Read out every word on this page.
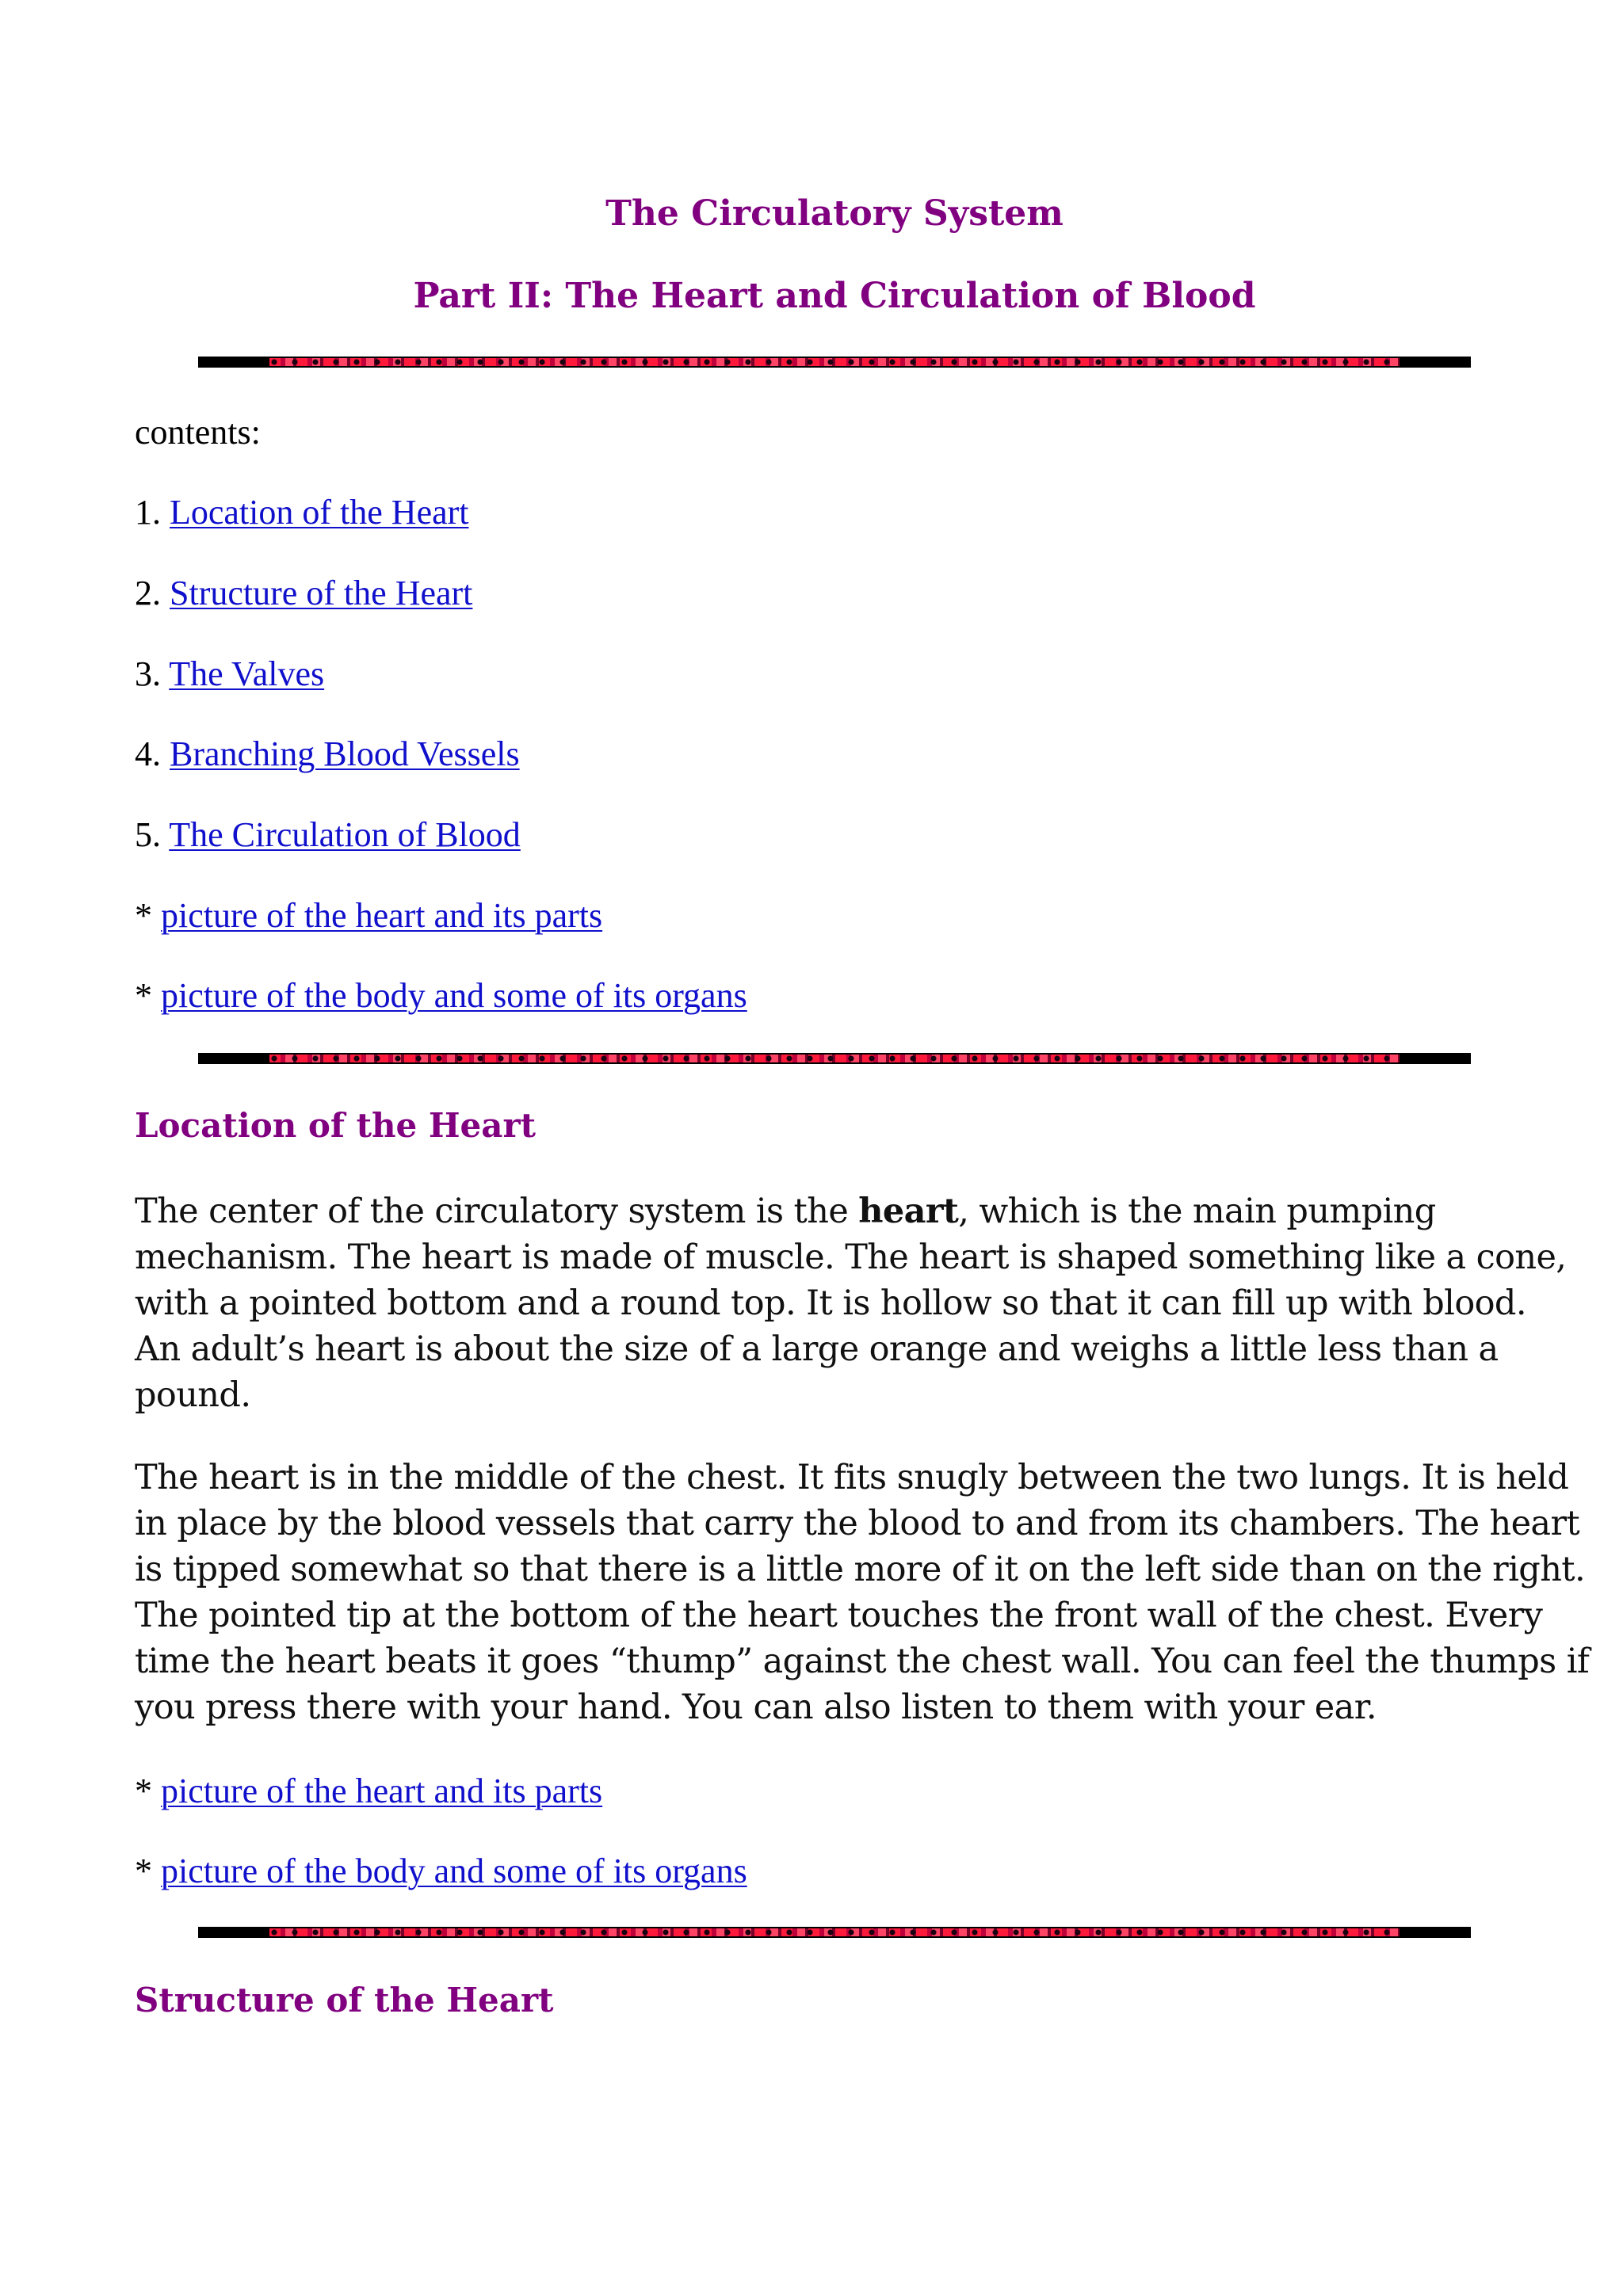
The Circulatory System
Part II: The Heart and Circulation of Blood

contents:

1. Location of the Heart

2. Structure of the Heart

3. The Valves

4. Branching Blood Vessels

5. The Circulation of Blood

* picture of the heart and its parts

* picture of the body and some of its organs

Location of the Heart

The center of the circulatory system is the heart, which is the main pumping
mechanism. The heart is made of muscle. The heart is shaped something like a cone,
with a pointed bottom and a round top. It is hollow so that it can fill up with blood.
An adult’s heart is about the size of a large orange and weighs a little less than a
pound.

The heart is in the middle of the chest. It fits snugly between the two lungs. It is held
in place by the blood vessels that carry the blood to and from its chambers. The heart
is tipped somewhat so that there is a little more of it on the left side than on the right.
The pointed tip at the bottom of the heart touches the front wall of the chest. Every
time the heart beats it goes “thump” against the chest wall. You can feel the thumps if
you press there with your hand. You can also listen to them with your ear.

* picture of the heart and its parts

* picture of the body and some of its organs

Structure of the Heart
